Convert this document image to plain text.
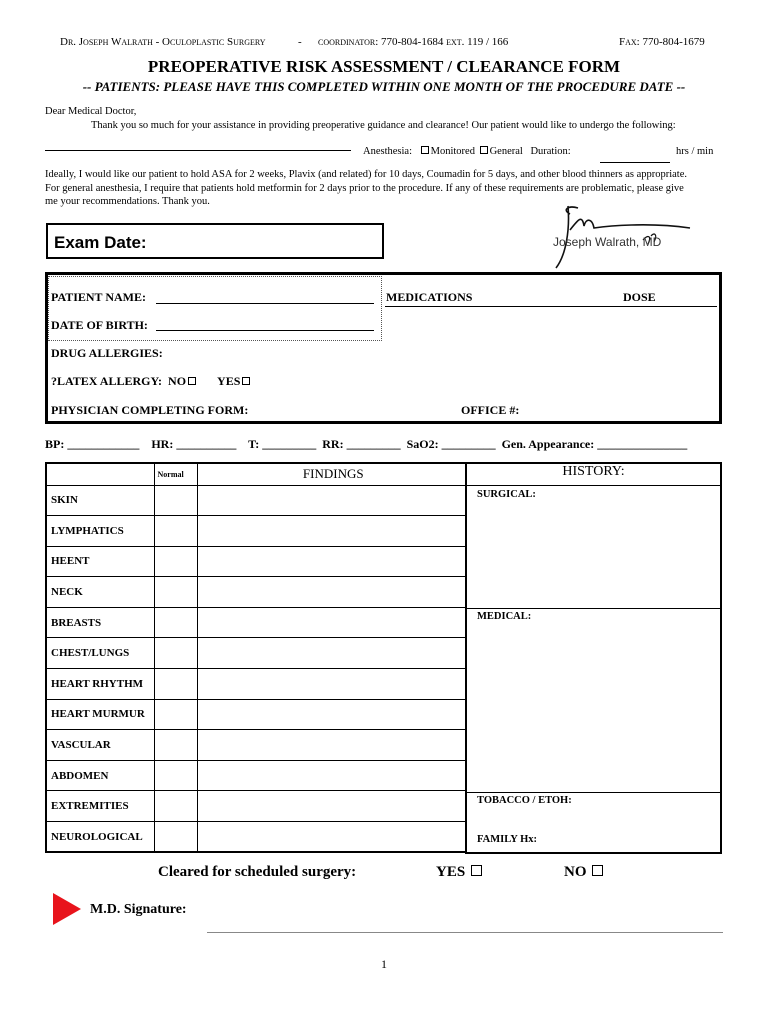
Dr. Joseph Walrath - Oculoplastic Surgery	- coordinator: 770-804-1684 ext. 119 / 166	Fax: 770-804-1679
PREOPERATIVE RISK ASSESSMENT / CLEARANCE FORM
-- PATIENTS: PLEASE HAVE THIS COMPLETED WITHIN ONE MONTH OF THE PROCEDURE DATE --
Dear Medical Doctor,
Thank you so much for your assistance in providing preoperative guidance and clearance! Our patient would like to undergo the following:
Anesthesia: Monitored General Duration:	hrs / min
Ideally, I would like our patient to hold ASA for 2 weeks, Plavix (and related) for 10 days, Coumadin for 5 days, and other blood thinners as appropriate. For general anesthesia, I require that patients hold metformin for 2 days prior to the procedure. If any of these requirements are problematic, please give me your recommendations. Thank you.
Joseph Walrath, MD
Exam Date:
PATIENT NAME:
DATE OF BIRTH:
DRUG ALLERGIES:
?LATEX ALLERGY: NO	YES
PHYSICIAN COMPLETING FORM:	OFFICE #:
MEDICATIONS	DOSE
BP: ____________ HR: __________ T: _________ RR: _________ SaO2: _________ Gen. Appearance: _______________
	Normal	FINDINGS
SKIN		
LYMPHATICS		
HEENT		
NECK		
BREASTS		
CHEST/LUNGS		
HEART RHYTHM		
HEART MURMUR		
VASCULAR		
ABDOMEN		
EXTREMITIES		
NEUROLOGICAL		
HISTORY:
SURGICAL:
MEDICAL:
TOBACCO / ETOH:
FAMILY Hx:
Cleared for scheduled surgery:	YES	NO
M.D. Signature:
1
